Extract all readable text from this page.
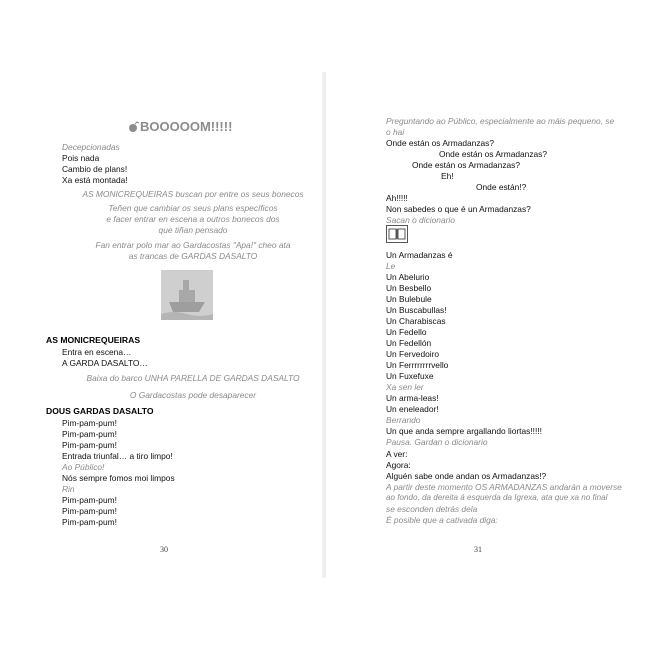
BOOOOOM!!!!!
Decepcionadas
Pois nada
Cambio de plans!
Xa está montada!
AS MONICREQUEIRAS buscan por entre os seus bonecos
Teñen que cambiar os seus plans específicos
e facer entrar en escena a outros bonecos dos
que tiñan pensado
Fan entrar polo mar ao Gardacostas "Apa!" cheo ata
as trancas de GARDAS DASALTO
AS MONICREQUEIRAS
Entra en escena…
A GARDA DASALTO…
Baixa do barco UNHA PARELLA DE GARDAS DASALTO
O Gardacostas pode desaparecer
DOUS GARDAS DASALTO
Pim-pam-pum!
Pim-pam-pum!
Pim-pam-pum!
Entrada triunfal… a tiro limpo!
Ao Público!
Nós sempre fomos moi limpos
Rin
Pim-pam-pum!
Pim-pam-pum!
Pim-pam-pum!
30
Preguntando ao Público, especialmente ao máis pequeno, se
o hai
Onde están os Armadanzas?
Onde están os Armadanzas?
Onde están os Armadanzas?
Eh!
Onde están!?
Ah!!!!!
Non sabedes o que é un Armadanzas?
Sacan o dicionario
Un Armadanzas é
Le
Un Abelurio
Un Besbello
Un Bulebule
Un Buscabullas!
Un Charabiscas
Un Fedello
Un Fedellón
Un Fervedoiro
Un Ferrrrrrrrvello
Un Fuxefuxe
Xa sen ler
Un arma-leas!
Un eneleador!
Berrando
Un que anda sempre argallando liortas!!!!!
Pausa. Gardan o dicionario
A ver:
Agora:
Alguén sabe onde andan os Armadanzas!?
A partir deste momento OS ARMADANZAS andarán a moverse
ao fondo, da dereita á esquerda da Igrexa, ata que xa no final
se esconden detrás dela
É posible que a cativada diga:
31
